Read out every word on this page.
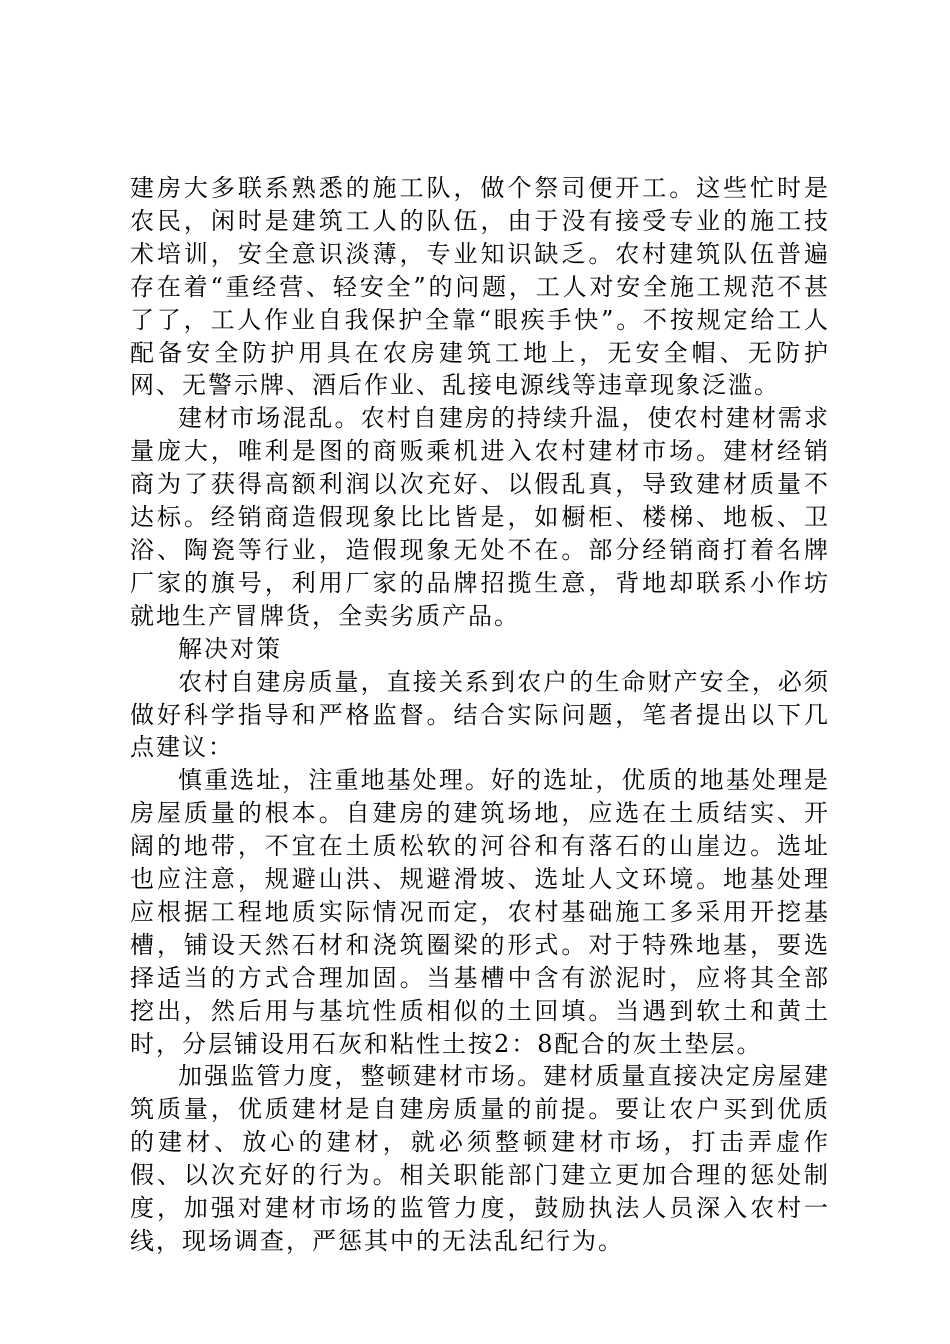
建房大多联系熟悉的施工队，做个祭司便开工。这些忙时是农民，闲时是建筑工人的队伍，由于没有接受专业的施工技术培训，安全意识淡薄，专业知识缺乏。农村建筑队伍普遍存在着“重经营、轻安全”的问题，工人对安全施工规范不甚了了，工人作业自我保护全靠“眼疾手快”。不按规定给工人配备安全防护用具在农房建筑工地上，无安全帽、无防护网、无警示牌、酒后作业、乱接电源线等违章现象泛滥。

建材市场混乱。农村自建房的持续升温，使农村建材需求量庞大，唯利是图的商贩乘机进入农村建材市场。建材经销商为了获得高额利润以次充好、以假乱真，导致建材质量不达标。经销商造假现象比比皆是，如橱柜、楼梯、地板、卫浴、陶瓷等行业，造假现象无处不在。部分经销商打着名牌厂家的旗号，利用厂家的品牌招揽生意，背地却联系小作坊就地生产冒牌货，全卖劣质产品。

解决对策

农村自建房质量，直接关系到农户的生命财产安全，必须做好科学指导和严格监督。结合实际问题，笔者提出以下几点建议：

慎重选址，注重地基处理。好的选址，优质的地基处理是房屋质量的根本。自建房的建筑场地，应选在土质结实、开阔的地带，不宜在土质松软的河谷和有落石的山崖边。选址也应注意，规避山洪、规避滑坡、选址人文环境。地基处理应根据工程地质实际情况而定，农村基础施工多采用开挖基槽，铺设天然石材和浇筑圈梁的形式。对于特殊地基，要选择适当的方式合理加固。当基槽中含有淤泥时，应将其全部挖出，然后用与基坑性质相似的土回填。当遇到软土和黄土时，分层铺设用石灰和粘性土按2：8配合的灰土垫层。

加强监管力度，整顿建材市场。建材质量直接决定房屋建筑质量，优质建材是自建房质量的前提。要让农户买到优质的建材、放心的建材，就必须整顿建材市场，打击弄虚作假、以次充好的行为。相关职能部门建立更加合理的惩处制度，加强对建材市场的监管力度，鼓励执法人员深入农村一线，现场调查，严惩其中的无法乱纪行为。
